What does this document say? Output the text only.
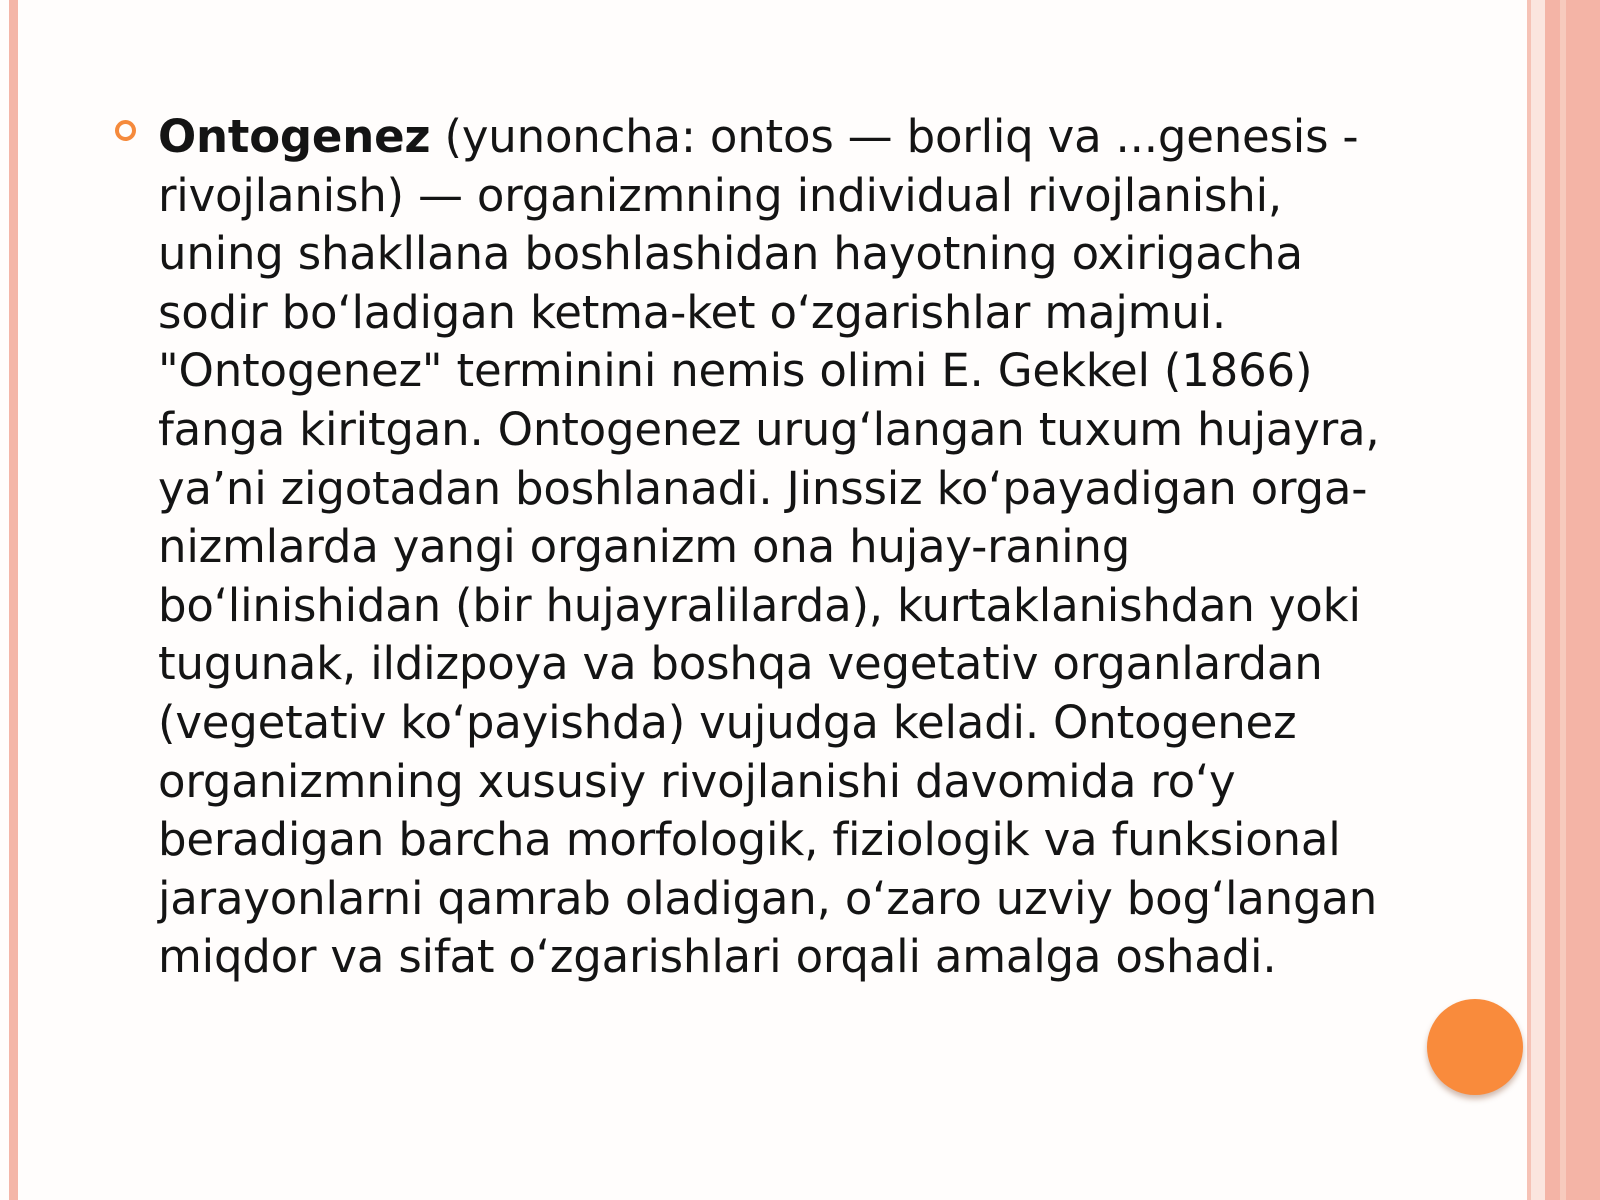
Ontogenez (yunoncha: ontos — borliq va ...genesis - rivojlanish) — organizmning individual rivojlanishi, uning shakllana boshlashidan hayotning oxirigacha sodir boʻladigan ketma-ket oʻzgarishlar majmui. "Ontogenez" terminini nemis olimi E. Gekkel (1866) fanga kiritgan. Ontogenez urugʻlangan tuxum hujayra, yaʼni zigotadan boshlanadi. Jinssiz koʻpayadigan orga-nizmlarda yangi organizm ona hujay-raning boʻlinishidan (bir hujayralilarda), kurtaklanishdan yoki tugunak, ildizpoya va boshqa vegetativ organlardan (vegetativ koʻpayishda) vujudga keladi. Ontogenez organizmning xususiy rivojlanishi davomida roʻy beradigan barcha morfologik, fiziologik va funksional jarayonlarni qamrab oladigan, oʻzaro uzviy bogʻlangan miqdor va sifat oʻzgarishlari orqali amalga oshadi.
